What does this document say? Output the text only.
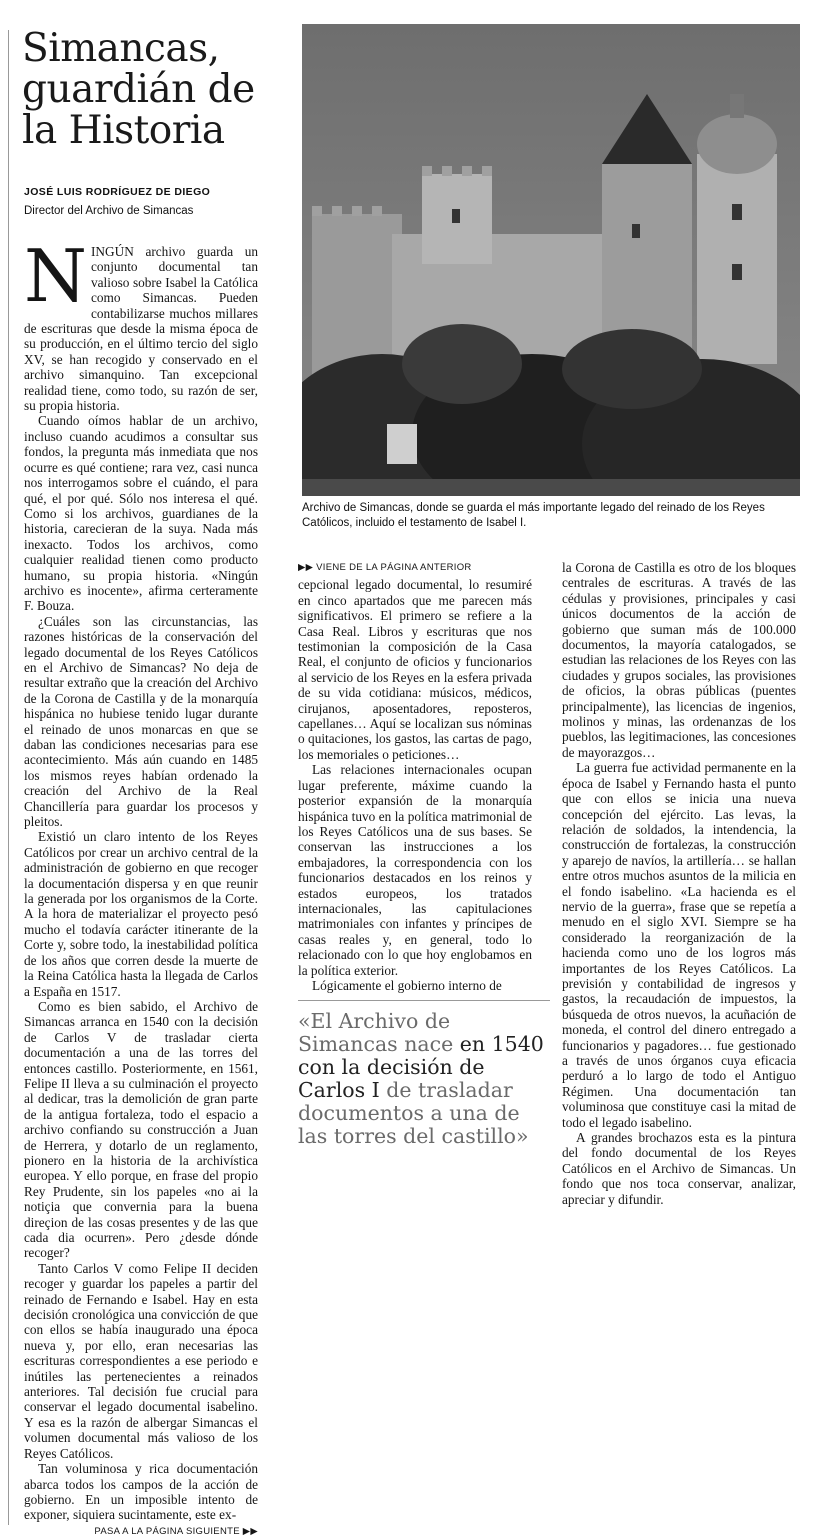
Simancas, guardián de la Historia
JOSÉ LUIS RODRÍGUEZ DE DIEGO
Director del Archivo de Simancas
Archivo de Simancas, donde se guarda el más importante legado del reinado de los Reyes Católicos, incluido el testamento de Isabel I.

NINGÚN archivo guarda un conjunto documental tan valioso sobre Isabel la Católica como Simancas. Pueden contabilizarse muchos millares de escrituras que desde la misma época de su producción, en el último tercio del siglo XV, se han recogido y conservado en el archivo simanquino. Tan excepcional realidad tiene, como todo, su razón de ser, su propia historia.

Cuando oímos hablar de un archivo, incluso cuando acudimos a consultar sus fondos, la pregunta más inmediata que nos ocurre es qué contiene; rara vez, casi nunca nos interrogamos sobre el cuándo, el para qué, el por qué. Sólo nos interesa el qué. Como si los archivos, guardianes de la historia, carecieran de la suya. Nada más inexacto. Todos los archivos, como cualquier realidad tienen como producto humano, su propia historia. «Ningún archivo es inocente», afirma certeramente F. Bouza.

¿Cuáles son las circunstancias, las razones históricas de la conservación del legado documental de los Reyes Católicos en el Archivo de Simancas? No deja de resultar extraño que la creación del Archivo de la Corona de Castilla y de la monarquía hispánica no hubiese tenido lugar durante el reinado de unos monarcas en que se daban las condiciones necesarias para ese acontecimiento. Más aún cuando en 1485 los mismos reyes habían ordenado la creación del Archivo de la Real Chancillería para guardar los procesos y pleitos.

Existió un claro intento de los Reyes Católicos por crear un archivo central de la administración de gobierno en que recoger la documentación dispersa y en que reunir la generada por los organismos de la Corte. A la hora de materializar el proyecto pesó mucho el todavía carácter itinerante de la Corte y, sobre todo, la inestabilidad política de los años que corren desde la muerte de la Reina Católica hasta la llegada de Carlos a España en 1517.

Como es bien sabido, el Archivo de Simancas arranca en 1540 con la decisión de Carlos V de trasladar cierta documentación a una de las torres del entonces castillo. Posteriormente, en 1561, Felipe II lleva a su culminación el proyecto al dedicar, tras la demolición de gran parte de la antigua fortaleza, todo el espacio a archivo confiando su construcción a Juan de Herrera, y dotarlo de un reglamento, pionero en la historia de la archivística europea. Y ello porque, en frase del propio Rey Prudente, sin los papeles «no ai la notiçia que convernia para la buena direçion de las cosas presentes y de las que cada dia ocurren». Pero ¿desde dónde recoger?

Tanto Carlos V como Felipe II deciden recoger y guardar los papeles a partir del reinado de Fernando e Isabel. Hay en esta decisión cronológica una convicción de que con ellos se había inaugurado una época nueva y, por ello, eran necesarias las escrituras correspondientes a ese periodo e inútiles las pertenecientes a reinados anteriores. Tal decisión fue crucial para conservar el legado documental isabelino. Y esa es la razón de albergar Simancas el volumen documental más valioso de los Reyes Católicos.

Tan voluminosa y rica documentación abarca todos los campos de la acción de gobierno. En un imposible intento de exponer, siquiera sucintamente, este ex-

PASA A LA PÁGINA SIGUIENTE ▶▶
▶▶ VIENE DE LA PÁGINA ANTERIOR

cepcional legado documental, lo resumiré en cinco apartados que me parecen más significativos. El primero se refiere a la Casa Real. Libros y escrituras que nos testimonian la composición de la Casa Real, el conjunto de oficios y funcionarios al servicio de los Reyes en la esfera privada de su vida cotidiana: músicos, médicos, cirujanos, aposentadores, reposteros, capellanes… Aquí se localizan sus nóminas o quitaciones, los gastos, las cartas de pago, los memoriales o peticiones…

Las relaciones internacionales ocupan lugar preferente, máxime cuando la posterior expansión de la monarquía hispánica tuvo en la política matrimonial de los Reyes Católicos una de sus bases. Se conservan las instrucciones a los embajadores, la correspondencia con los funcionarios destacados en los reinos y estados europeos, los tratados internacionales, las capitulaciones matrimoniales con infantes y príncipes de casas reales y, en general, todo lo relacionado con lo que hoy englobamos en la política exterior.

Lógicamente el gobierno interno de

«El Archivo de Simancas nace en 1540 con la decisión de Carlos I de trasladar documentos a una de las torres del castillo»

la Corona de Castilla es otro de los bloques centrales de escrituras. A través de las cédulas y provisiones, principales y casi únicos documentos de la acción de gobierno que suman más de 100.000 documentos, la mayoría catalogados, se estudian las relaciones de los Reyes con las ciudades y grupos sociales, las provisiones de oficios, la obras públicas (puentes principalmente), las licencias de ingenios, molinos y minas, las ordenanzas de los pueblos, las legitimaciones, las concesiones de mayorazgos…

La guerra fue actividad permanente en la época de Isabel y Fernando hasta el punto que con ellos se inicia una nueva concepción del ejército. Las levas, la relación de soldados, la intendencia, la construcción de fortalezas, la construcción y aparejo de navíos, la artillería… se hallan entre otros muchos asuntos de la milicia en el fondo isabelino. «La hacienda es el nervio de la guerra», frase que se repetía a menudo en el siglo XVI. Siempre se ha considerado la reorganización de la hacienda como uno de los logros más importantes de los Reyes Católicos. La previsión y contabilidad de ingresos y gastos, la recaudación de impuestos, la búsqueda de otros nuevos, la acuñación de moneda, el control del dinero entregado a funcionarios y pagadores… fue gestionado a través de unos órganos cuya eficacia perduró a lo largo de todo el Antiguo Régimen. Una documentación tan voluminosa que constituye casi la mitad de todo el legado isabelino.

A grandes brochazos esta es la pintura del fondo documental de los Reyes Católicos en el Archivo de Simancas. Un fondo que nos toca conservar, analizar, apreciar y difundir.
